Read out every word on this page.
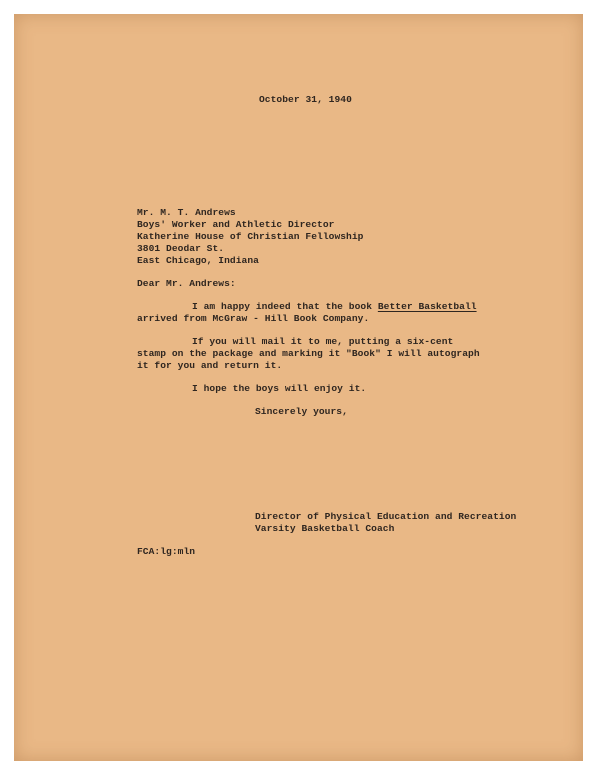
October 31, 1940
Mr. M. T. Andrews
Boys' Worker and Athletic Director
Katherine House of Christian Fellowship
3801 Deodar St.
East Chicago, Indiana
Dear Mr. Andrews:
I am happy indeed that the book Better Basketball
arrived from McGraw - Hill Book Company.
If you will mail it to me, putting a six-cent
stamp on the package and marking it "Book" I will autograph
it for you and return it.
I hope the boys will enjoy it.
Sincerely yours,
Director of Physical Education and Recreation
Varsity Basketball Coach
FCA:lg:mln
